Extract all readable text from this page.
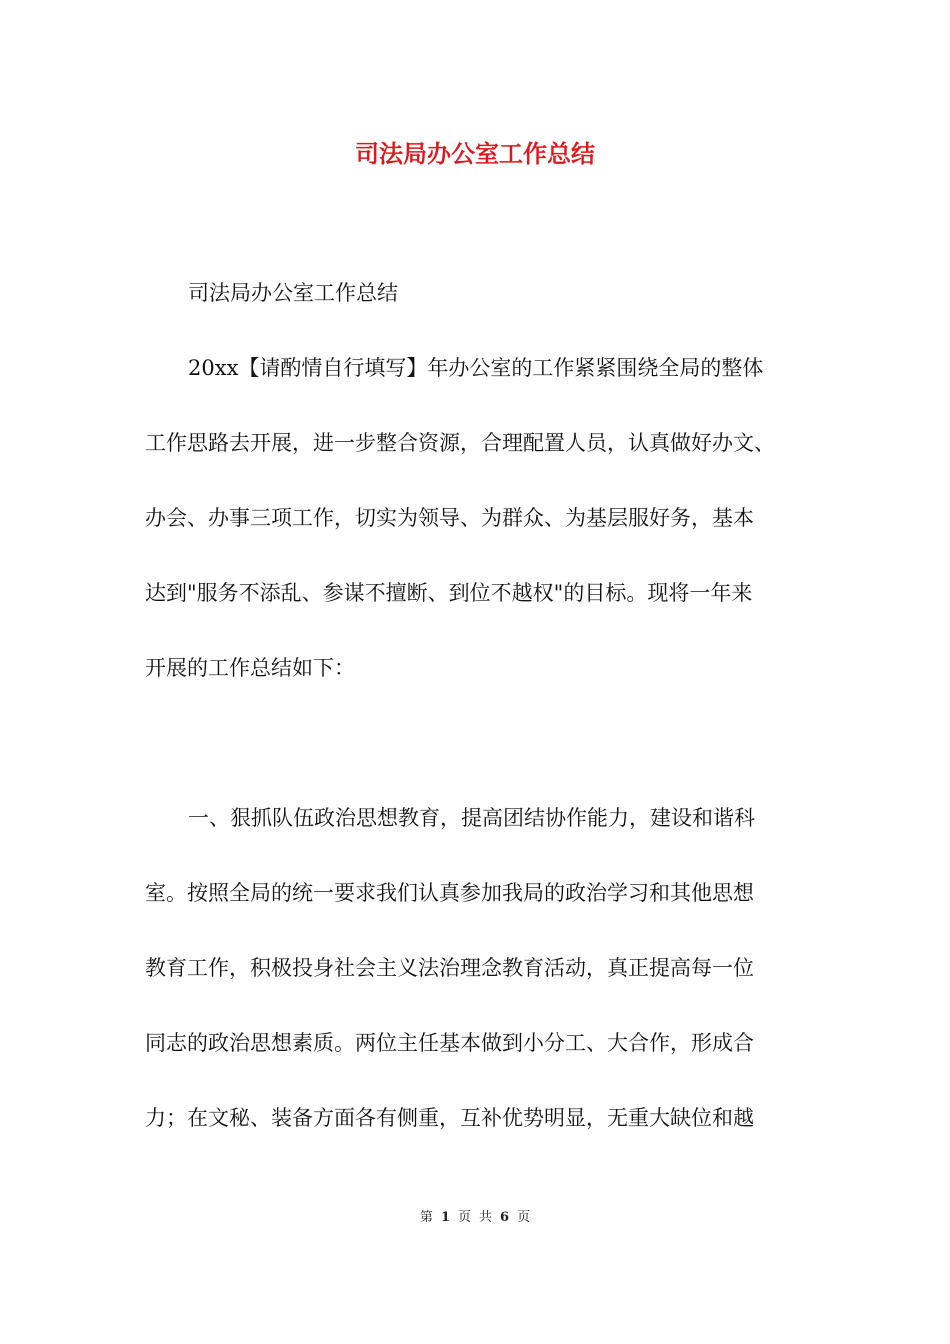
司法局办公室工作总结

司法局办公室工作总结

20xx【请酌情自行填写】年办公室的工作紧紧围绕全局的整体

工作思路去开展，进一步整合资源，合理配置人员，认真做好办文、

办会、办事三项工作，切实为领导、为群众、为基层服好务，基本

达到"服务不添乱、参谋不擅断、到位不越权"的目标。现将一年来

开展的工作总结如下：

一、狠抓队伍政治思想教育，提高团结协作能力，建设和谐科

室。按照全局的统一要求我们认真参加我局的政治学习和其他思想

教育工作，积极投身社会主义法治理念教育活动，真正提高每一位

同志的政治思想素质。两位主任基本做到小分工、大合作，形成合

力；在文秘、装备方面各有侧重，互补优势明显，无重大缺位和越

第 1 页 共 6 页
